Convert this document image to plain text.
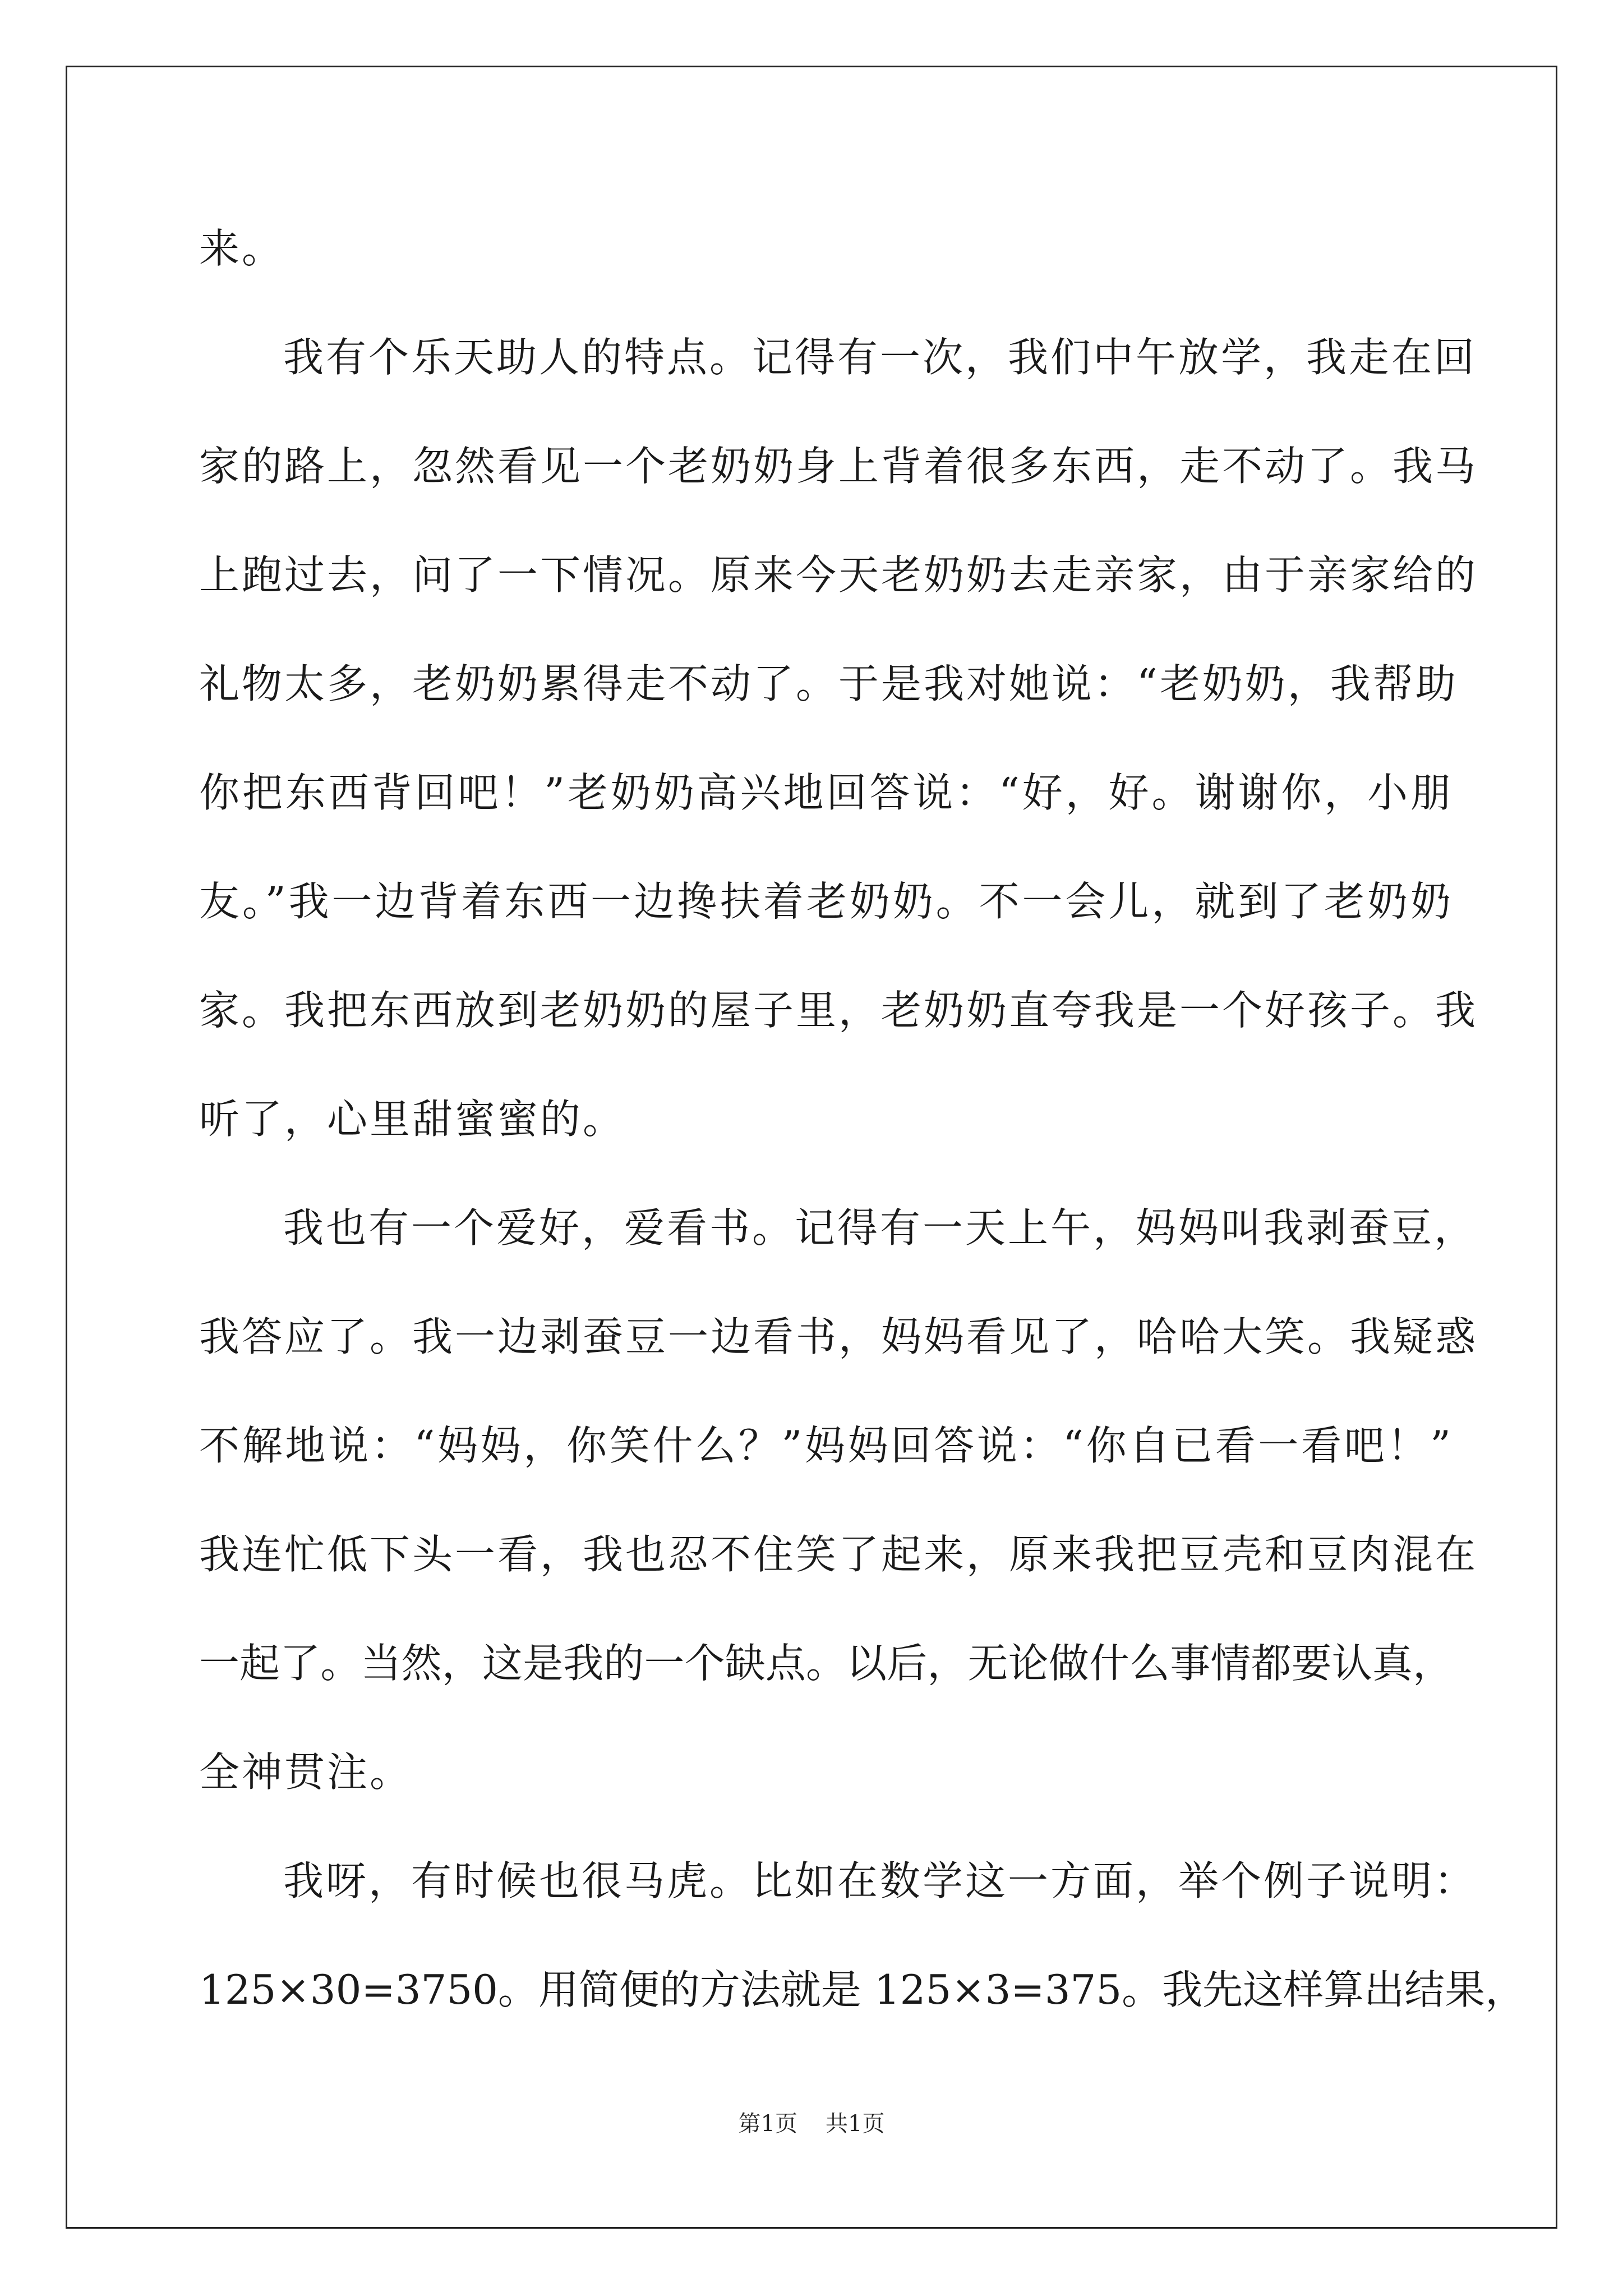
来。
我有个乐天助人的特点。记得有一次，我们中午放学，我走在回
家的路上，忽然看见一个老奶奶身上背着很多东西，走不动了。我马
上跑过去，问了一下情况。原来今天老奶奶去走亲家，由于亲家给的
礼物太多，老奶奶累得走不动了。于是我对她说：“老奶奶，我帮助
你把东西背回吧！”老奶奶高兴地回答说：“好，好。谢谢你，小朋
友。”我一边背着东西一边搀扶着老奶奶。不一会儿，就到了老奶奶
家。我把东西放到老奶奶的屋子里，老奶奶直夸我是一个好孩子。我
听了，心里甜蜜蜜的。
我也有一个爱好，爱看书。记得有一天上午，妈妈叫我剥蚕豆，
我答应了。我一边剥蚕豆一边看书，妈妈看见了，哈哈大笑。我疑惑
不解地说：“妈妈，你笑什么？”妈妈回答说：“你自已看一看吧！”
我连忙低下头一看，我也忍不住笑了起来，原来我把豆壳和豆肉混在
一起了。当然，这是我的一个缺点。以后，无论做什么事情都要认真，
全神贯注。
我呀，有时候也很马虎。比如在数学这一方面，举个例子说明：
125×30=3750。用简便的方法就是 125×3=375。我先这样算出结果，
第1页 共1页
